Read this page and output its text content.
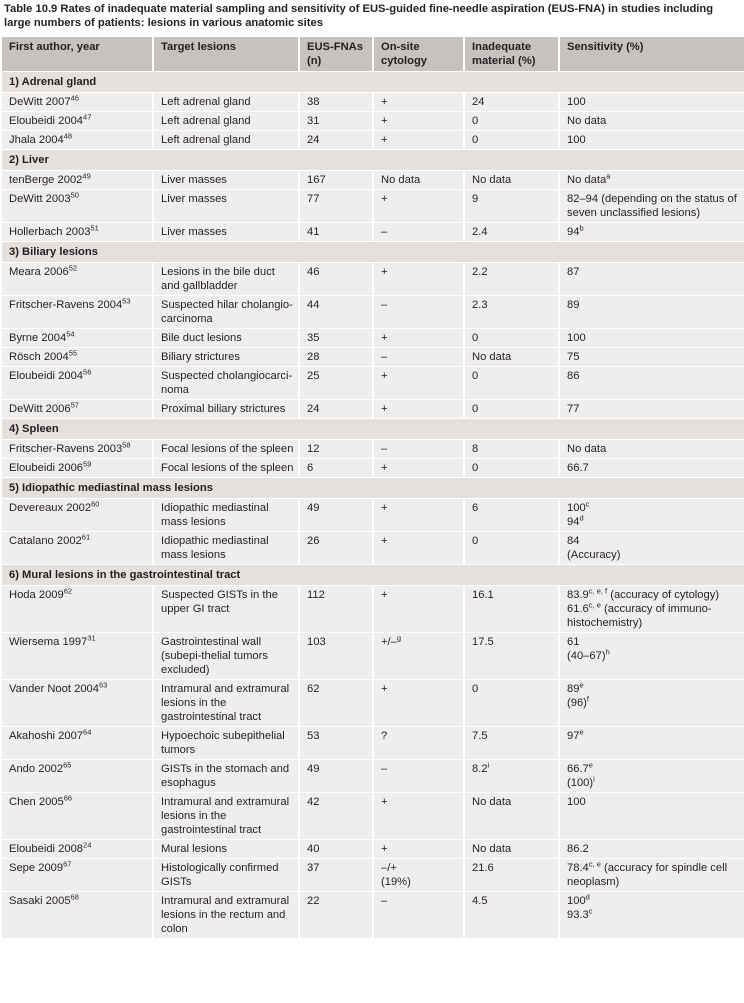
Table 10.9 Rates of inadequate material sampling and sensitivity of EUS-guided fine-needle aspiration (EUS-FNA) in studies including large numbers of patients: lesions in various anatomic sites

First author, year	Target lesions	EUS-FNAs (n)	On-site cytology	Inadequate material (%)	Sensitivity (%)
1) Adrenal gland					
DeWitt 2007$^{46}$	Left adrenal gland	38	+	24	100

Eloubeidi 2004$^{47}$	Left adrenal gland	31	+	0	No data

Jhala 2004$^{48}$	Left adrenal gland	24	+	0	100

2) Liver					
tenBerge 2002$^{49}$	Liver masses	167	No data	No data	No data$^a$

DeWitt 2003$^{50}$	Liver masses	77	+	9	82–94 (depending on the status of seven unclassified lesions)

Hollerbach 2003$^{51}$	Liver masses	41	–	2.4	94$^b$

3) Biliary lesions					
Meara 2006$^{52}$	Lesions in the bile duct and gallbladder	46	+	2.2	87

Fritscher-Ravens 2004$^{53}$	Suspected hilar cholangio-carcinoma	44	–	2.3	89

Byrne 2004$^{54}$	Bile duct lesions	35	+	0	100

Rösch 2004$^{55}$	Biliary strictures	28	–	No data	75

Eloubeidi 2004$^{56}$	Suspected cholangiocarci-noma	25	+	0	86

DeWitt 2006$^{57}$	Proximal biliary strictures	24	+	0	77

4) Spleen					
Fritscher-Ravens 2003$^{58}$	Focal lesions of the spleen	12	–	8	No data

Eloubeidi 2006$^{59}$	Focal lesions of the spleen	6	+	0	66.7

5) Idiopathic mediastinal mass lesions					
Devereaux 2002$^{60}$	Idiopathic mediastinal mass lesions	49	+	6	100$^c$
94$^d$

Catalano 2002$^{61}$	Idiopathic mediastinal mass lesions	26	+	0	84
(Accuracy)

6) Mural lesions in the gastrointestinal tract					
Hoda 2009$^{62}$	Suspected GISTs in the upper GI tract	112	+	16.1	83.9$^{c, e, f}$ (accuracy of cytology)
61.6$^{c, e}$ (accuracy of immuno-histochemistry)

Wiersema 1997$^{31}$	Gastrointestinal wall (subepi-thelial tumors excluded)	103	+/–$^g$	17.5	61
$(40-67)^h$

Vander Noot 2004$^{63}$	Intramural and extramural lesions in the gastrointestinal tract	62	+	0	89e
$(96)^f$

Akahoshi 2007$^{64}$	Hypoechoic subepithelial tumors	53	?	7.5	97e

Ando 2002$^{65}$	GISTs in the stomach and esophagus	49	–	8.2$^i$	66.7e
$(100)^i$

Chen 2005$^{66}$	Intramural and extramural lesions in the gastrointestinal tract	42	+	No data	100

Eloubeidi 2008$^{24}$	Mural lesions	40	+	No data	86.2

Sepe 2009$^{67}$	Histologically confirmed GISTs	37	–/+
(19%)	21.6	78.4$^{c, e}$ (accuracy for spindle cell neoplasm)

Sasaki 2005$^{68}$	Intramural and extramural lesions in the rectum and colon	22	–	4.5	100$^d$
93.3$^c$
